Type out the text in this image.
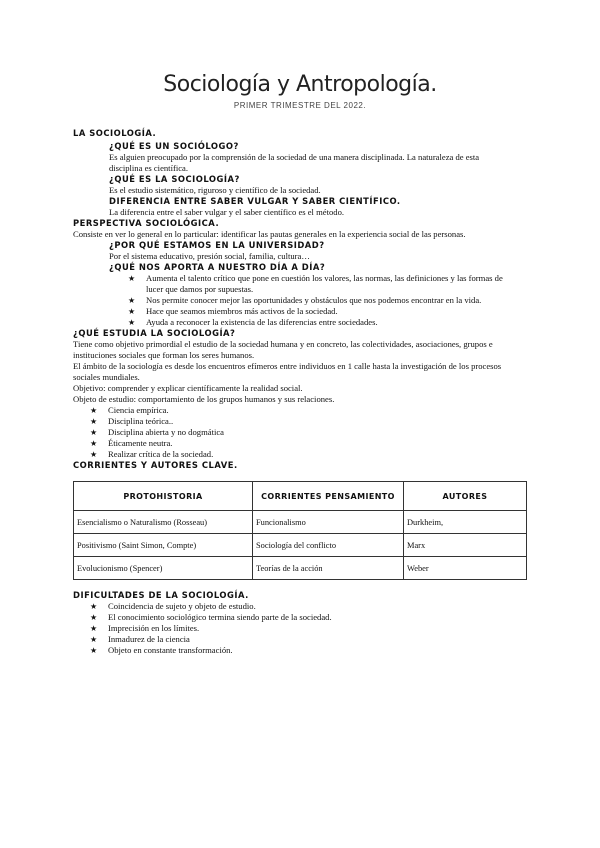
Sociología y Antropología.
PRIMER TRIMESTRE DEL 2022.
LA SOCIOLOGÍA.
¿QUÉ ES UN SOCIÓLOGO?
Es alguien preocupado por la comprensión de la sociedad de una manera disciplinada. La naturaleza de esta
disciplina es científica.
¿QUÉ ES LA SOCIOLOGÍA?
Es el estudio sistemático, riguroso y científico de la sociedad.
DIFERENCIA ENTRE SABER VULGAR Y SABER CIENTÍFICO.
La diferencia entre el saber vulgar y el saber científico es el método.
PERSPECTIVA SOCIOLÓGICA.
Consiste en ver lo general en lo particular: identificar las pautas generales en la experiencia social de las personas.
¿POR QUÉ ESTAMOS EN LA UNIVERSIDAD?
Por el sistema educativo, presión social, familia, cultura…
¿QUÉ NOS APORTA A NUESTRO DÍA A DÍA?
★ Aumenta el talento crítico que pone en cuestión los valores, las normas, las definiciones y las formas de
lucer que damos por supuestas.
★ Nos permite conocer mejor las oportunidades y obstáculos que nos podemos encontrar en la vida.
★ Hace que seamos miembros más activos de la sociedad.
★ Ayuda a reconocer la existencia de las diferencias entre sociedades.
¿QUÉ ESTUDIA LA SOCIOLOGÍA?
Tiene como objetivo primordial el estudio de la sociedad humana y en concreto, las colectividades, asociaciones, grupos e
instituciones sociales que forman los seres humanos.
El ámbito de la sociología es desde los encuentros efímeros entre individuos en 1 calle hasta la investigación de los procesos
sociales mundiales.
Objetivo: comprender y explicar científicamente la realidad social.
Objeto de estudio: comportamiento de los grupos humanos y sus relaciones.
★ Ciencia empírica.
★ Disciplina teórica..
★ Disciplina abierta y no dogmática
★ Éticamente neutra.
★ Realizar crítica de la sociedad.
CORRIENTES Y AUTORES CLAVE.
PROTOHISTORIA	CORRIENTES PENSAMIENTO	AUTORES
Esencialismo o Naturalismo (Rosseau)	Funcionalismo	Durkheim,
Positivismo (Saint Simon, Compte)	Sociología del conflicto	Marx
Evolucionismo (Spencer)	Teorías de la acción	Weber
DIFICULTADES DE LA SOCIOLOGÍA.
★ Coincidencia de sujeto y objeto de estudio.
★ El conocimiento sociológico termina siendo parte de la sociedad.
★ Imprecisión en los límites.
★ Inmadurez de la ciencia
★ Objeto en constante transformación.
